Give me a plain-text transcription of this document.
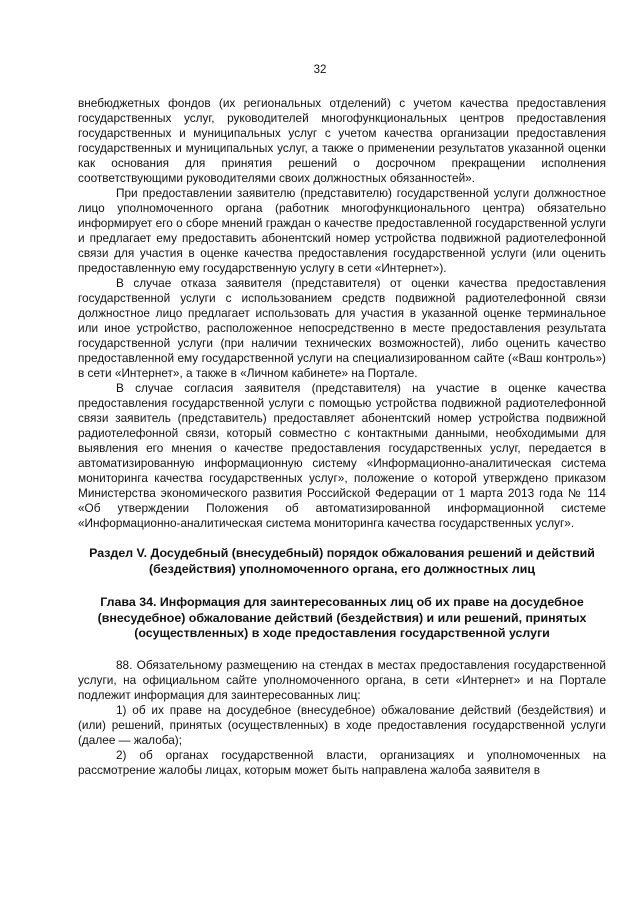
32

внебюджетных фондов (их региональных отделений) с учетом качества предоставления государственных услуг, руководителей многофункциональных центров предоставления государственных и муниципальных услуг с учетом качества организации предоставления государственных и муниципальных услуг, а также о применении результатов указанной оценки как основания для принятия решений о досрочном прекращении исполнения соответствующими руководителями своих должностных обязанностей».

При предоставлении заявителю (представителю) государственной услуги должностное лицо уполномоченного органа (работник многофункционального центра) обязательно информирует его о сборе мнений граждан о качестве предоставленной государственной услуги и предлагает ему предоставить абонентский номер устройства подвижной радиотелефонной связи для участия в оценке качества предоставления государственной услуги (или оценить предоставленную ему государственную услугу в сети «Интернет»).

В случае отказа заявителя (представителя) от оценки качества предоставления государственной услуги с использованием средств подвижной радиотелефонной связи должностное лицо предлагает использовать для участия в указанной оценке терминальное или иное устройство, расположенное непосредственно в месте предоставления результата государственной услуги (при наличии технических возможностей), либо оценить качество предоставленной ему государственной услуги на специализированном сайте («Ваш контроль») в сети «Интернет», а также в «Личном кабинете» на Портале.

В случае согласия заявителя (представителя) на участие в оценке качества предоставления государственной услуги с помощью устройства подвижной радиотелефонной связи заявитель (представитель) предоставляет абонентский номер устройства подвижной радиотелефонной связи, который совместно с контактными данными, необходимыми для выявления его мнения о качестве предоставления государственных услуг, передается в автоматизированную информационную систему «Информационно-аналитическая система мониторинга качества государственных услуг», положение о которой утверждено приказом Министерства экономического развития Российской Федерации от 1 марта 2013 года № 114 «Об утверждении Положения об автоматизированной информационной системе «Информационно-аналитическая система мониторинга качества государственных услуг».

Раздел V. Досудебный (внесудебный) порядок обжалования решений и действий (бездействия) уполномоченного органа, его должностных лиц
Глава 34. Информация для заинтересованных лиц об их праве на досудебное (внесудебное) обжалование действий (бездействия) и или решений, принятых (осуществленных) в ходе предоставления государственной услуги

88. Обязательному размещению на стендах в местах предоставления государственной услуги, на официальном сайте уполномоченного органа, в сети «Интернет» и на Портале подлежит информация для заинтересованных лиц:

1) об их праве на досудебное (внесудебное) обжалование действий (бездействия) и (или) решений, принятых (осуществленных) в ходе предоставления государственной услуги (далее — жалоба);

2) об органах государственной власти, организациях и уполномоченных на рассмотрение жалобы лицах, которым может быть направлена жалоба заявителя в
